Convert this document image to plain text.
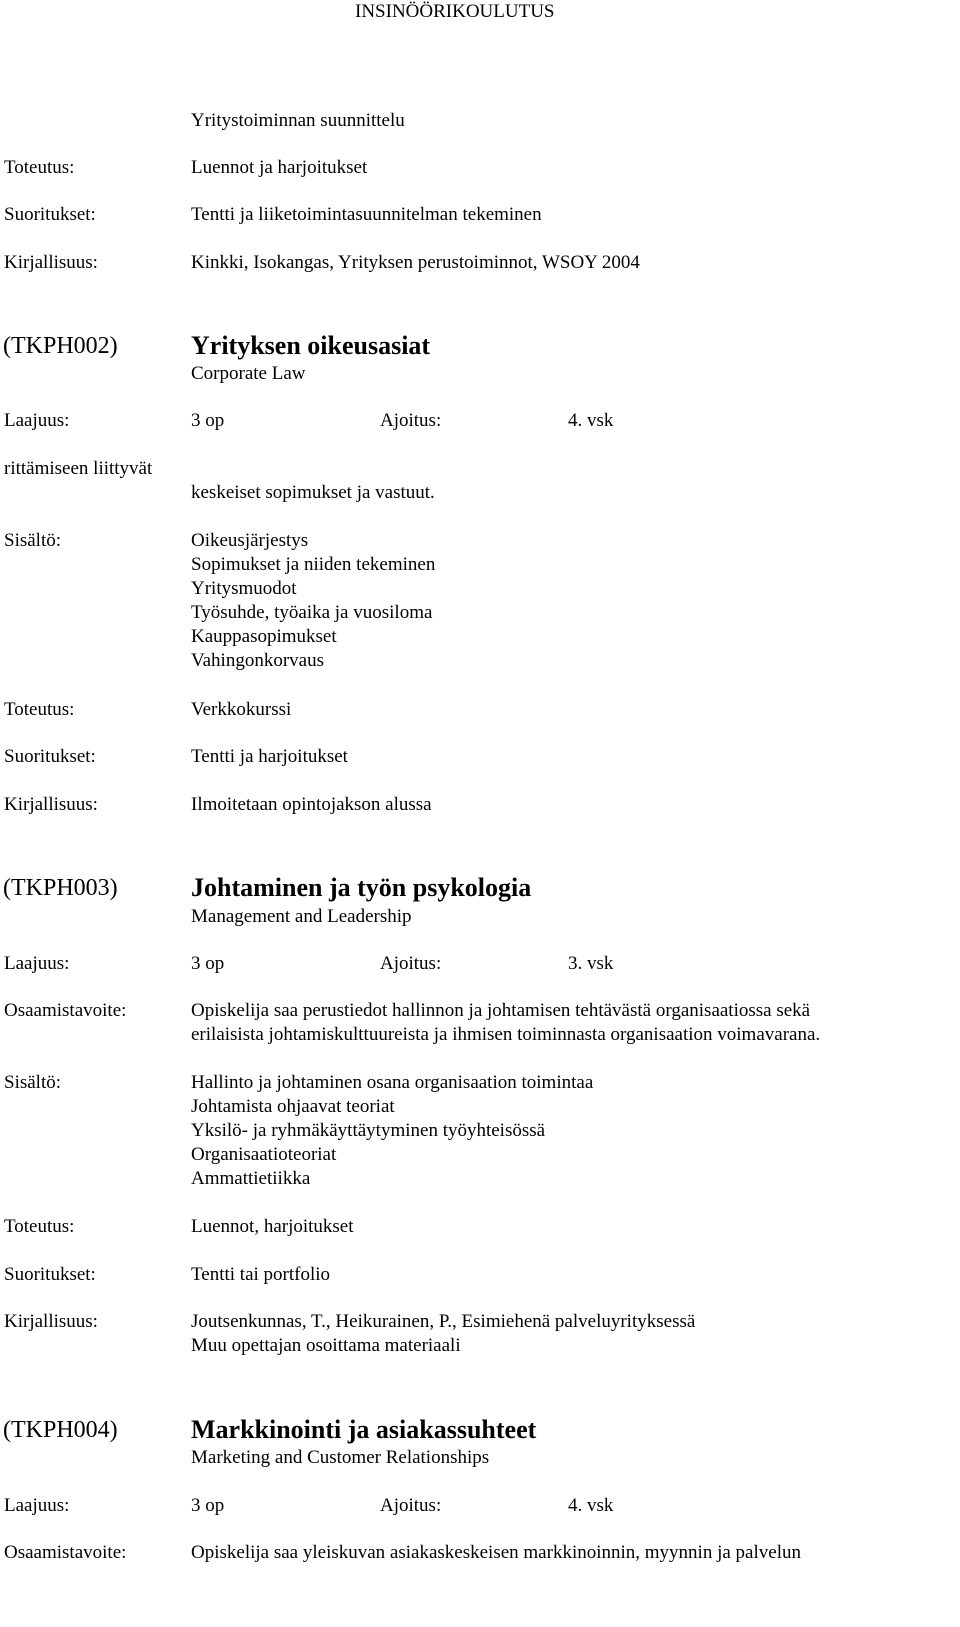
INSINÖÖRIKOULUTUS
Yritystoiminnan suunnittelu
Toteutus:	Luennot ja harjoitukset
Suoritukset:	Tentti ja liiketoimintasuunnitelman tekeminen
Kirjallisuus:	Kinkki, Isokangas, Yrityksen perustoiminnot, WSOY 2004
(TKPH002)	Yrityksen oikeusasiat
Corporate Law
Laajuus:	3 op	Ajoitus:	4. vsk
rittämiseen liittyvät
keskeiset sopimukset ja vastuut.
Sisältö:	Oikeusjärjestys
Sopimukset ja niiden tekeminen
Yritysmuodot
Työsuhde, työaika ja vuosiloma
Kauppasopimukset
Vahingonkorvaus
Toteutus:	Verkkokurssi
Suoritukset:	Tentti ja harjoitukset
Kirjallisuus:	Ilmoitetaan opintojakson alussa
(TKPH003)	Johtaminen ja työn psykologia
Management and Leadership
Laajuus:	3 op	Ajoitus:	3. vsk
Osaamistavoite:	Opiskelija saa perustiedot hallinnon ja johtamisen tehtävästä organisaatiossa sekä
erilaisista johtamiskulttuureista ja ihmisen toiminnasta organisaation voimavarana.
Sisältö:	Hallinto ja johtaminen osana organisaation toimintaa
Johtamista ohjaavat teoriat
Yksilö- ja ryhmäkäyttäytyminen työyhteisössä
Organisaatioteoriat
Ammattietiikka
Toteutus:	Luennot, harjoitukset
Suoritukset:	Tentti tai portfolio
Kirjallisuus:	Joutsenkunnas, T., Heikurainen, P., Esimiehenä palveluyrityksessä
Muu opettajan osoittama materiaali
(TKPH004)	Markkinointi ja asiakassuhteet
Marketing and Customer Relationships
Laajuus:	3 op	Ajoitus:	4. vsk
Osaamistavoite:	Opiskelija saa yleiskuvan asiakaskeskeisen markkinoinnin, myynnin ja palvelun
